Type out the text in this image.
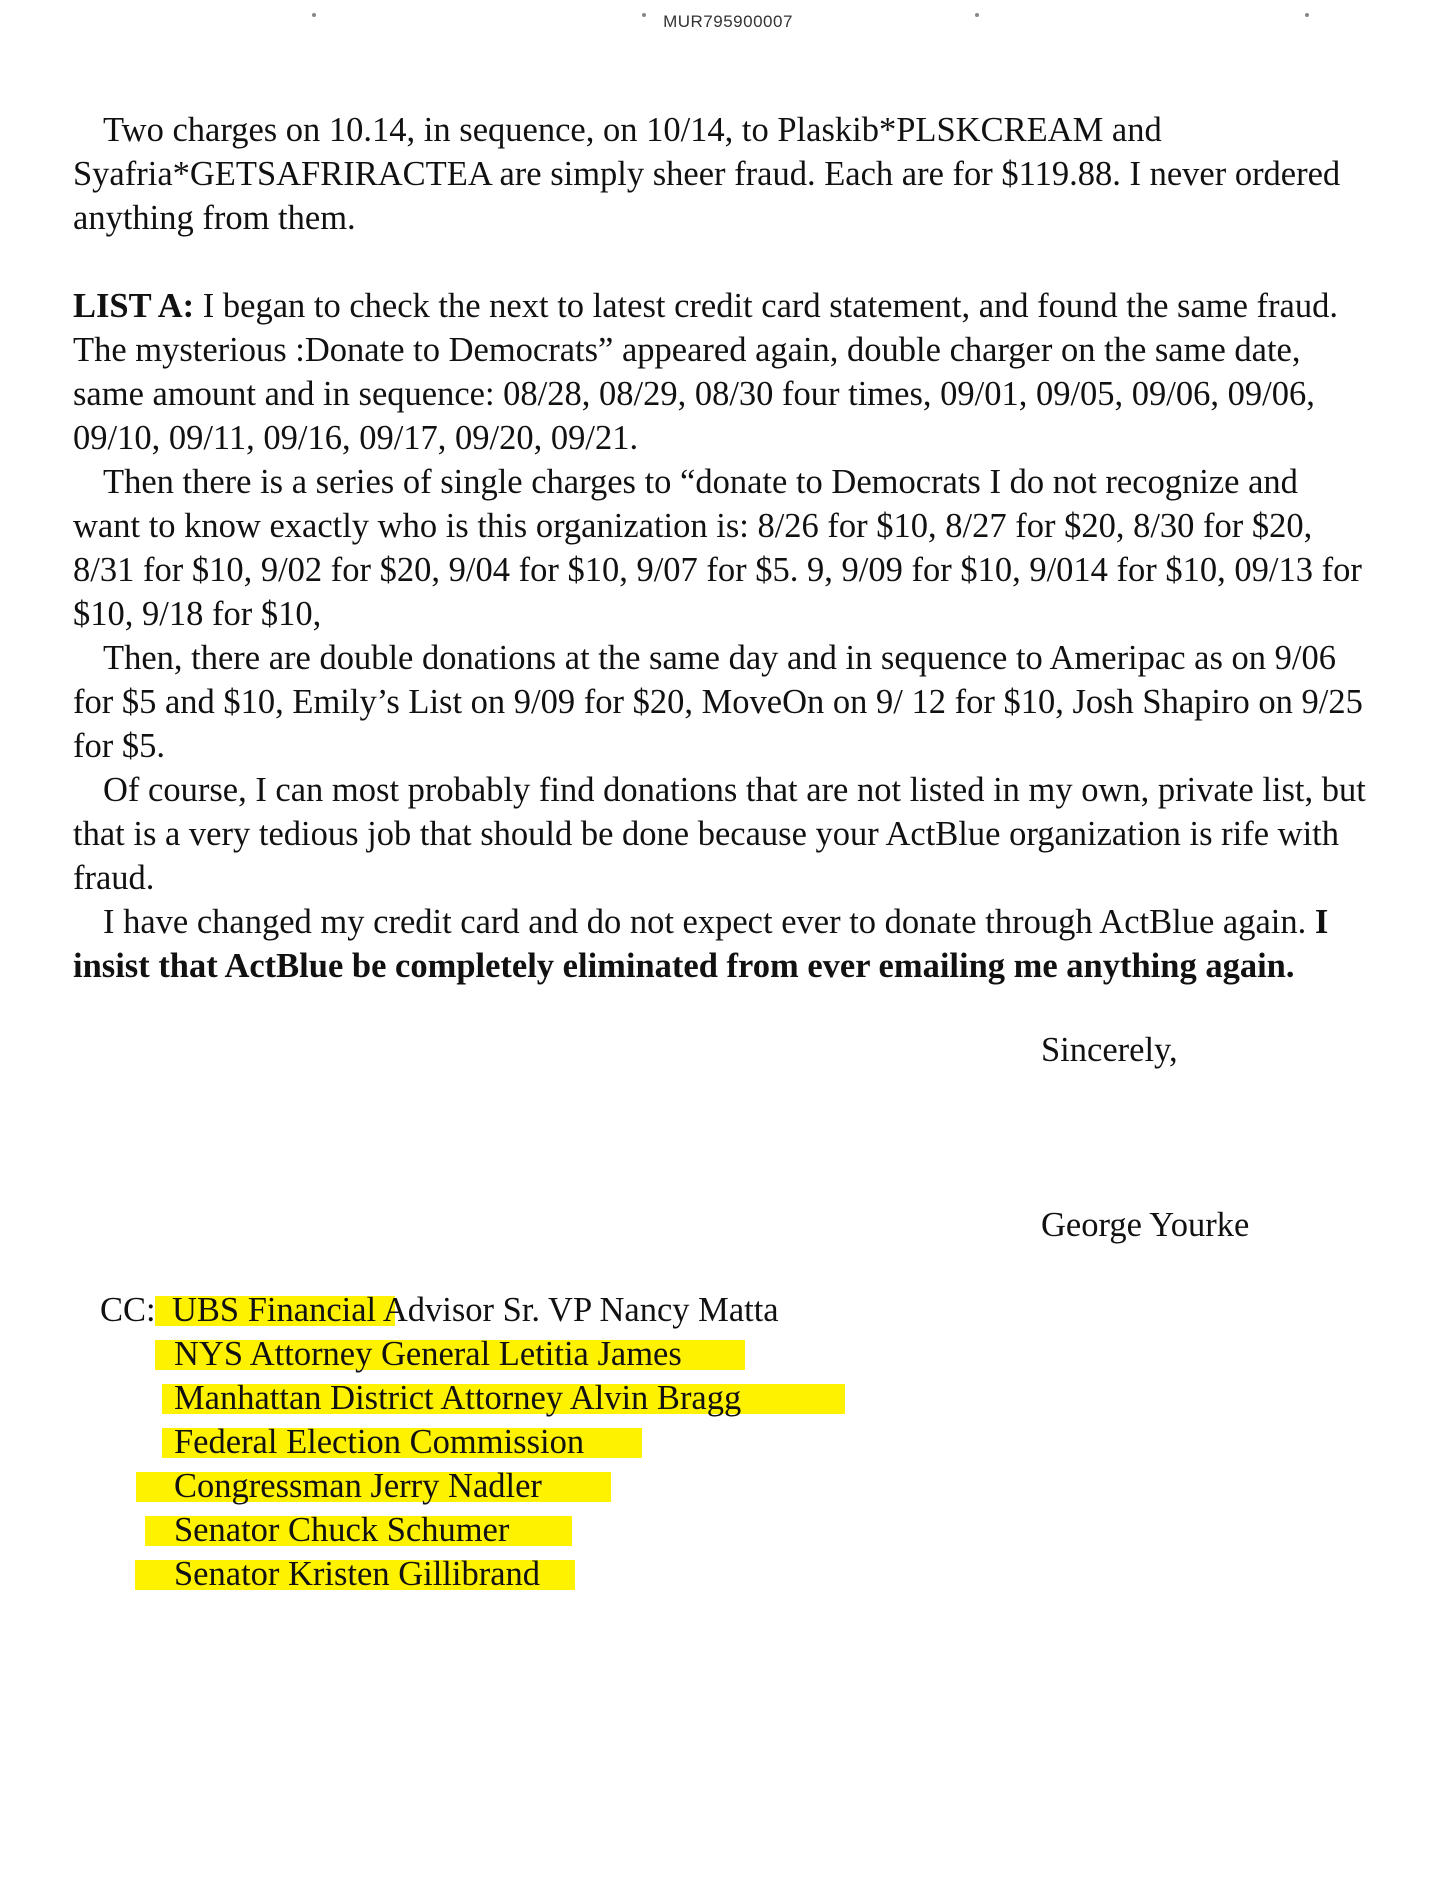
MUR795900007

Two charges on 10.14, in sequence, on 10/14, to Plaskib*PLSKCREAM and Syafria*GETSAFRIRACTEA are simply sheer fraud. Each are for $119.88. I never ordered anything from them.

LIST A: I began to check the next to latest credit card statement, and found the same fraud. The mysterious :Donate to Democrats” appeared again, double charger on the same date, same amount and in sequence: 08/28, 08/29, 08/30 four times, 09/01, 09/05, 09/06, 09/06, 09/10, 09/11, 09/16, 09/17, 09/20, 09/21.

Then there is a series of single charges to “donate to Democrats I do not recognize and want to know exactly who is this organization is: 8/26 for $10, 8/27 for $20, 8/30 for $20, 8/31 for $10, 9/02 for $20, 9/04 for $10, 9/07 for $5. 9, 9/09 for $10, 9/014 for $10, 09/13 for $10, 9/18 for $10,

Then, there are double donations at the same day and in sequence to Ameripac as on 9/06 for $5 and $10, Emily’s List on 9/09 for $20, MoveOn on 9/ 12 for $10, Josh Shapiro on 9/25 for $5.

Of course, I can most probably find donations that are not listed in my own, private list, but that is a very tedious job that should be done because your ActBlue organization is rife with fraud.

I have changed my credit card and do not expect ever to donate through ActBlue again. I insist that ActBlue be completely eliminated from ever emailing me anything again.

Sincerely,
George Yourke
CC: UBS Financial Advisor Sr. VP Nancy Matta
NYS Attorney General Letitia James
Manhattan District Attorney Alvin Bragg
Federal Election Commission
Congressman Jerry Nadler
Senator Chuck Schumer
Senator Kristen Gillibrand
